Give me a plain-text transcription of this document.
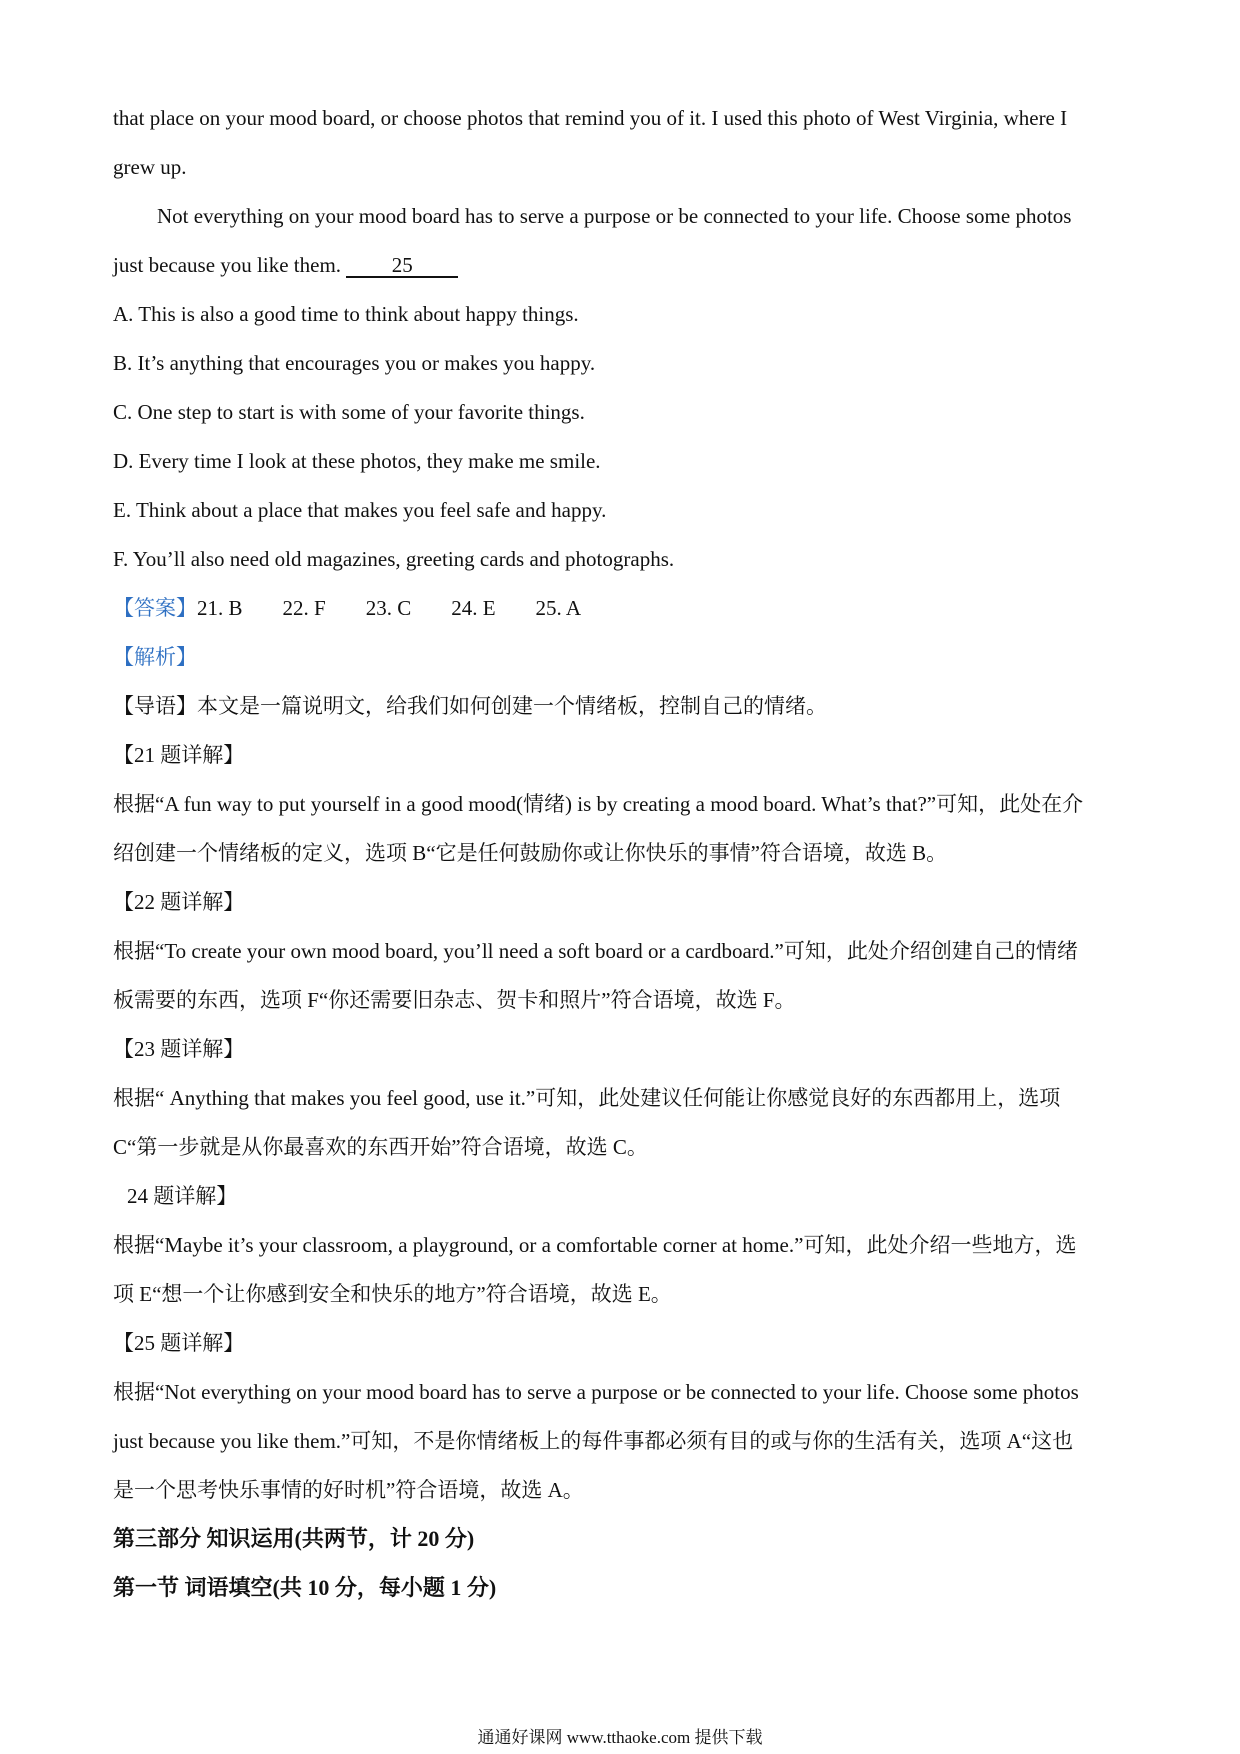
that place on your mood board, or choose photos that remind you of it. I used this photo of West Virginia, where I
grew up.
Not everything on your mood board has to serve a purpose or be connected to your life. Choose some photos
just because you like them. 25
A. This is also a good time to think about happy things.
B. It’s anything that encourages you or makes you happy.
C. One step to start is with some of your favorite things.
D. Every time I look at these photos, they make me smile.
E. Think about a place that makes you feel safe and happy.
F. You’ll also need old magazines, greeting cards and photographs.
【答案】21. B 22. F 23. C 24. E 25. A
【解析】
【导语】本文是一篇说明文，给我们如何创建一个情绪板，控制自己的情绪。
【21 题详解】
根据“A fun way to put yourself in a good mood(情绪) is by creating a mood board. What’s that?”可知，此处在介
绍创建一个情绪板的定义，选项 B“它是任何鼓励你或让你快乐的事情”符合语境，故选 B。
【22 题详解】
根据“To create your own mood board, you’ll need a soft board or a cardboard.”可知，此处介绍创建自己的情绪
板需要的东西，选项 F“你还需要旧杂志、贺卡和照片”符合语境，故选 F。
【23 题详解】
根据“ Anything that makes you feel good, use it.”可知，此处建议任何能让你感觉良好的东西都用上，选项
C“第一步就是从你最喜欢的东西开始”符合语境，故选 C。
24 题详解】
根据“Maybe it’s your classroom, a playground, or a comfortable corner at home.”可知，此处介绍一些地方，选
项 E“想一个让你感到安全和快乐的地方”符合语境，故选 E。
【25 题详解】
根据“Not everything on your mood board has to serve a purpose or be connected to your life. Choose some photos
just because you like them.”可知，不是你情绪板上的每件事都必须有目的或与你的生活有关，选项 A“这也
是一个思考快乐事情的好时机”符合语境，故选 A。
第三部分 知识运用(共两节，计 20 分)
第一节 词语填空(共 10 分，每小题 1 分)
通通好课网 www.tthaoke.com 提供下载
